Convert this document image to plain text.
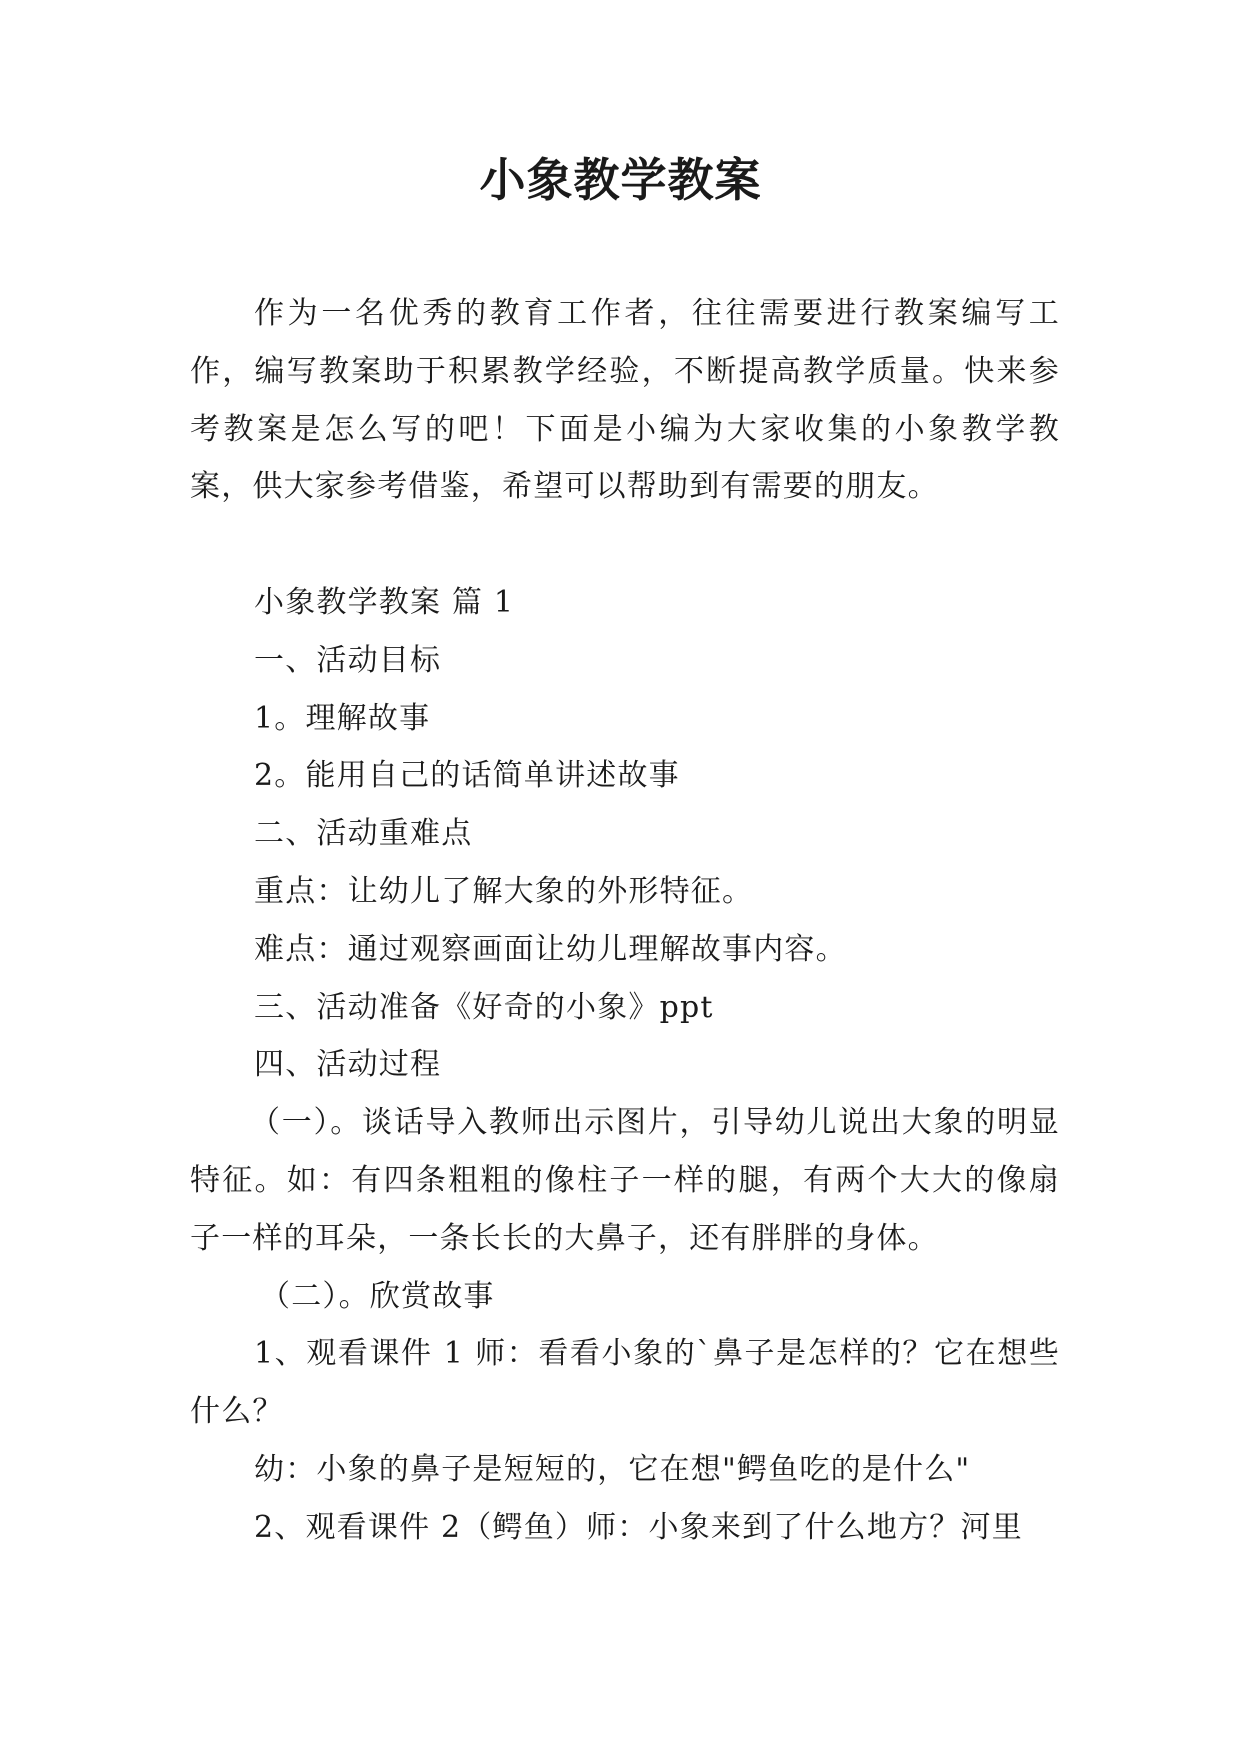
小象教学教案

作为一名优秀的教育工作者，往往需要进行教案编写工作，编写教案助于积累教学经验，不断提高教学质量。快来参考教案是怎么写的吧！下面是小编为大家收集的小象教学教案，供大家参考借鉴，希望可以帮助到有需要的朋友。

小象教学教案 篇 1

一、活动目标

1。理解故事

2。能用自己的话简单讲述故事

二、活动重难点

重点：让幼儿了解大象的外形特征。

难点：通过观察画面让幼儿理解故事内容。

三、活动准备《好奇的小象》ppt

四、活动过程

（一）。谈话导入教师出示图片，引导幼儿说出大象的明显特征。如：有四条粗粗的像柱子一样的腿，有两个大大的像扇子一样的耳朵，一条长长的大鼻子，还有胖胖的身体。

（二）。欣赏故事

1、观看课件 1 师：看看小象的`鼻子是怎样的？它在想些什么？

幼：小象的鼻子是短短的，它在想"鳄鱼吃的是什么"

2、观看课件 2（鳄鱼）师：小象来到了什么地方？河里
